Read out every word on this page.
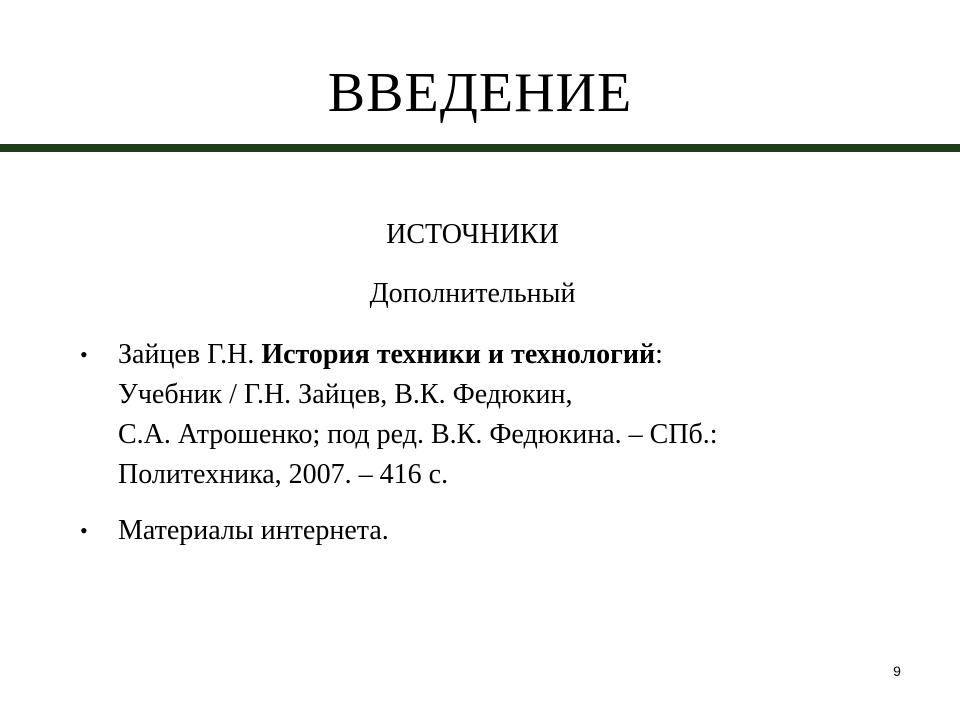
ВВЕДЕНИЕ
ИСТОЧНИКИ
Дополнительный
• Зайцев Г.Н. История техники и технологий:
Учебник / Г.Н. Зайцев, В.К. Федюкин,
С.А. Атрошенко; под ред. В.К. Федюкина. – СПб.:
Политехника, 2007. – 416 с.
• Материалы интернета.
9
